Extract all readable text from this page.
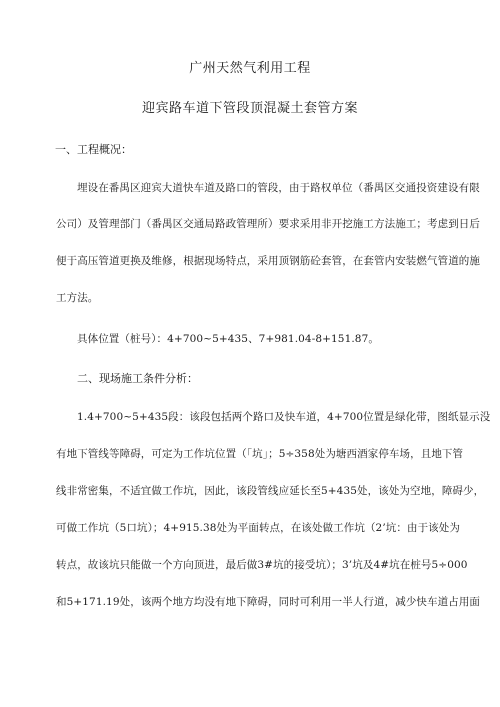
广州天然气利用工程
迎宾路车道下管段顶混凝土套管方案
一、工程概况：
埋设在番禺区迎宾大道快车道及路口的管段，由于路权单位（番禺区交通投资建设有限
公司）及管理部门（番禺区交通局路政管理所）要求采用非开挖施工方法施工；考虑到日后
便于高压管道更换及维修，根据现场特点，采用顶钢筋砼套管，在套管内安装燃气管道的施
工方法。
具体位置（桩号）：4+700~5+435、7+981.04-8+151.87。
二、现场施工条件分析：
1.4+700~5+435段：该段包括两个路口及快车道，4+700位置是绿化带，图纸显示没
有地下管线等障碍，可定为工作坑位置（「坑」；5÷358处为塘西酒家停车场，且地下管
线非常密集，不适宜做工作坑，因此，该段管线应延长至5+435处，该处为空地，障碍少，
可做工作坑（5口坑）；4+915.38处为平面转点，在该处做工作坑（2’坑：由于该处为
转点，故该坑只能做一个方向顶进，最后做3#坑的接受坑）；3’坑及4#坑在桩号5÷000
和5+171.19处，该两个地方均没有地下障碍，同时可利用一半人行道，减少快车道占用面
